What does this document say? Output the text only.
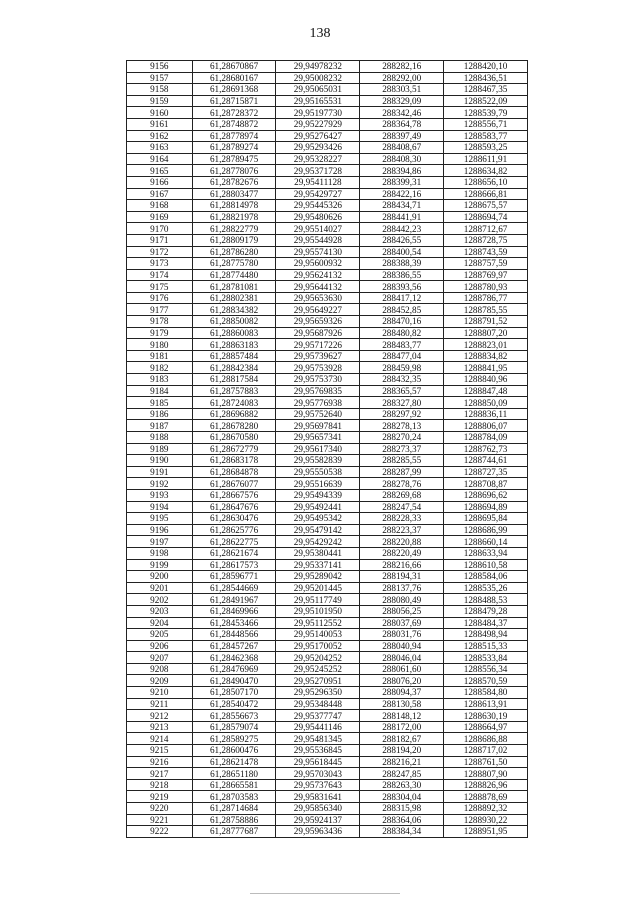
138
9156	61,28670867	29,94978232	288282,16	1288420,10
9157	61,28680167	29,95008232	288292,00	1288436,51
9158	61,28691368	29,95065031	288303,51	1288467,35
9159	61,28715871	29,95165531	288329,09	1288522,09
9160	61,28728372	29,95197730	288342,46	1288539,79
9161	61,28748872	29,95227929	288364,78	1288556,71
9162	61,28778974	29,95276427	288397,49	1288583,77
9163	61,28789274	29,95293426	288408,67	1288593,25
9164	61,28789475	29,95328227	288408,30	1288611,91
9165	61,28778076	29,95371728	288394,86	1288634,82
9166	61,28782676	29,95411128	288399,31	1288656,10
9167	61,28803477	29,95429727	288422,16	1288666,81
9168	61,28814978	29,95445326	288434,71	1288675,57
9169	61,28821978	29,95480626	288441,91	1288694,74
9170	61,28822779	29,95514027	288442,23	1288712,67
9171	61,28809179	29,95544928	288426,55	1288728,75
9172	61,28786280	29,95574130	288400,54	1288743,59
9173	61,28775780	29,95600932	288388,39	1288757,59
9174	61,28774480	29,95624132	288386,55	1288769,97
9175	61,28781081	29,95644132	288393,56	1288780,93
9176	61,28802381	29,95653630	288417,12	1288786,77
9177	61,28834382	29,95649227	288452,85	1288785,55
9178	61,28850082	29,95659326	288470,16	1288791,52
9179	61,28860083	29,95687926	288480,82	1288807,20
9180	61,28863183	29,95717226	288483,77	1288823,01
9181	61,28857484	29,95739627	288477,04	1288834,82
9182	61,28842384	29,95753928	288459,98	1288841,95
9183	61,28817584	29,95753730	288432,35	1288840,96
9184	61,28757883	29,95769835	288365,57	1288847,48
9185	61,28724083	29,95776938	288327,80	1288850,09
9186	61,28696882	29,95752640	288297,92	1288836,11
9187	61,28678280	29,95697841	288278,13	1288806,07
9188	61,28670580	29,95657341	288270,24	1288784,09
9189	61,28672779	29,95617340	288273,37	1288762,73
9190	61,28683178	29,95582839	288285,55	1288744,61
9191	61,28684878	29,95550538	288287,99	1288727,35
9192	61,28676077	29,95516639	288278,76	1288708,87
9193	61,28667576	29,95494339	288269,68	1288696,62
9194	61,28647676	29,95492441	288247,54	1288694,89
9195	61,28630476	29,95495342	288228,33	1288695,84
9196	61,28625776	29,95479142	288223,37	1288686,99
9197	61,28622775	29,95429242	288220,88	1288660,14
9198	61,28621674	29,95380441	288220,49	1288633,94
9199	61,28617573	29,95337141	288216,66	1288610,58
9200	61,28596771	29,95289042	288194,31	1288584,06
9201	61,28544669	29,95201445	288137,76	1288535,26
9202	61,28491967	29,95117749	288080,49	1288488,53
9203	61,28469966	29,95101950	288056,25	1288479,28
9204	61,28453466	29,95112552	288037,69	1288484,37
9205	61,28448566	29,95140053	288031,76	1288498,94
9206	61,28457267	29,95170052	288040,94	1288515,33
9207	61,28462368	29,95204252	288046,04	1288533,84
9208	61,28476969	29,95245252	288061,60	1288556,34
9209	61,28490470	29,95270951	288076,20	1288570,59
9210	61,28507170	29,95296350	288094,37	1288584,80
9211	61,28540472	29,95348448	288130,58	1288613,91
9212	61,28556673	29,95377747	288148,12	1288630,19
9213	61,28579074	29,95441146	288172,00	1288664,97
9214	61,28589275	29,95481345	288182,67	1288686,88
9215	61,28600476	29,95536845	288194,20	1288717,02
9216	61,28621478	29,95618445	288216,21	1288761,50
9217	61,28651180	29,95703043	288247,85	1288807,90
9218	61,28665581	29,95737643	288263,30	1288826,96
9219	61,28703583	29,95831641	288304,04	1288878,69
9220	61,28714684	29,95856340	288315,98	1288892,32
9221	61,28758886	29,95924137	288364,06	1288930,22
9222	61,28777687	29,95963436	288384,34	1288951,95
